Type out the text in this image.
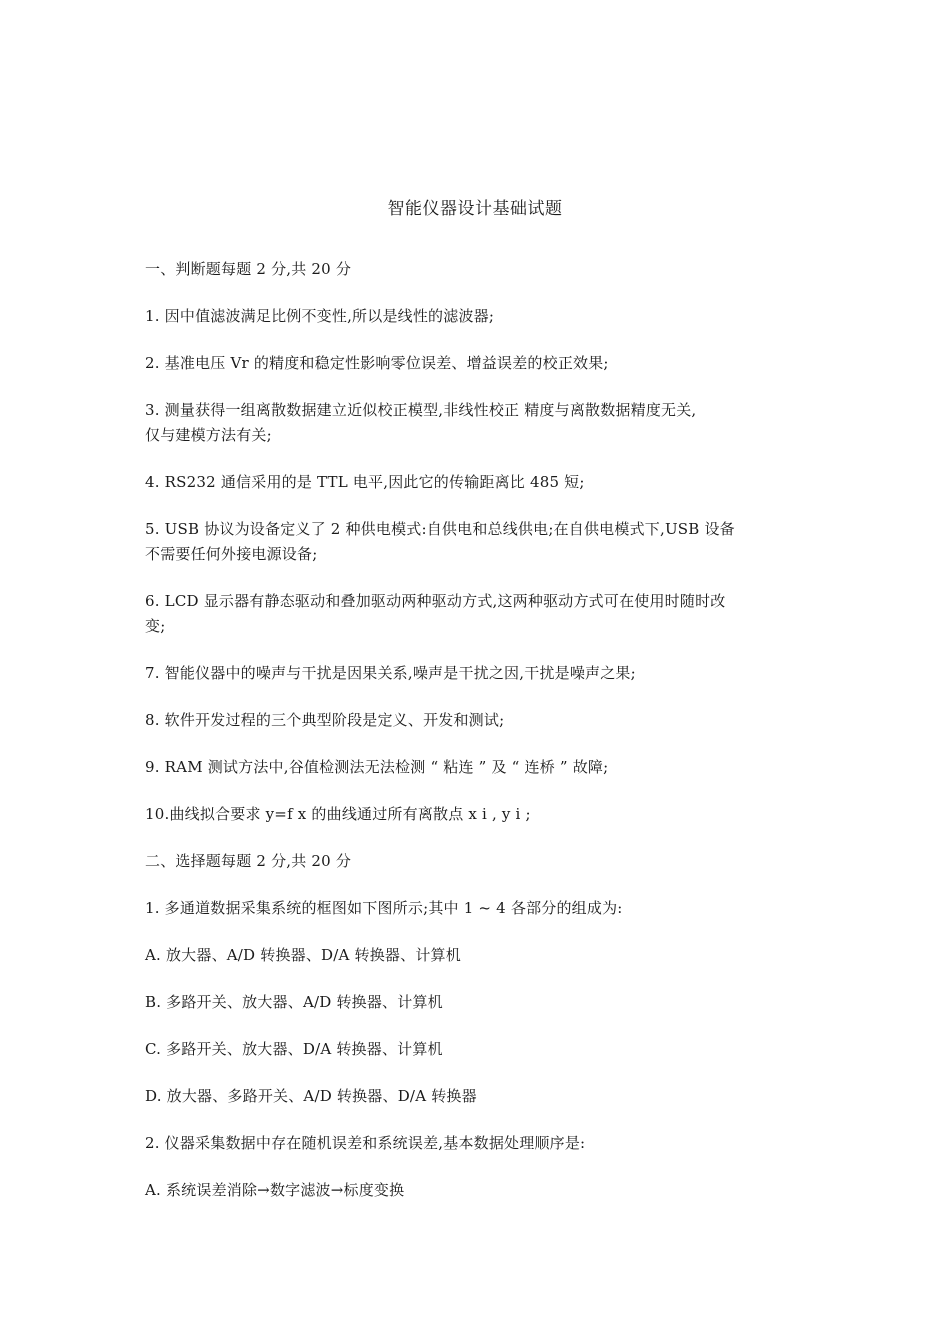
智能仪器设计基础试题

一、判断题每题 2 分,共 20 分

1. 因中值滤波满足比例不变性,所以是线性的滤波器;

2. 基准电压 Vr 的精度和稳定性影响零位误差、增益误差的校正效果;

3. 测量获得一组离散数据建立近似校正模型,非线性校正 精度与离散数据精度无关,
仅与建模方法有关;

4. RS232 通信采用的是 TTL 电平,因此它的传输距离比 485 短;

5. USB 协议为设备定义了 2 种供电模式:自供电和总线供电;在自供电模式下,USB 设备
不需要任何外接电源设备;

6. LCD 显示器有静态驱动和叠加驱动两种驱动方式,这两种驱动方式可在使用时随时改
变;

7. 智能仪器中的噪声与干扰是因果关系,噪声是干扰之因,干扰是噪声之果;

8. 软件开发过程的三个典型阶段是定义、开发和测试;

9. RAM 测试方法中,谷值检测法无法检测 “ 粘连 ” 及 “ 连桥 ” 故障;

10.曲线拟合要求 y=f x 的曲线通过所有离散点 x i , y i ;

二、选择题每题 2 分,共 20 分

1. 多通道数据采集系统的框图如下图所示;其中 1 ~ 4 各部分的组成为:

A. 放大器、A/D 转换器、D/A 转换器、计算机

B. 多路开关、放大器、A/D 转换器、计算机

C. 多路开关、放大器、D/A 转换器、计算机

D. 放大器、多路开关、A/D 转换器、D/A 转换器

2. 仪器采集数据中存在随机误差和系统误差,基本数据处理顺序是:

A. 系统误差消除→数字滤波→标度变换
